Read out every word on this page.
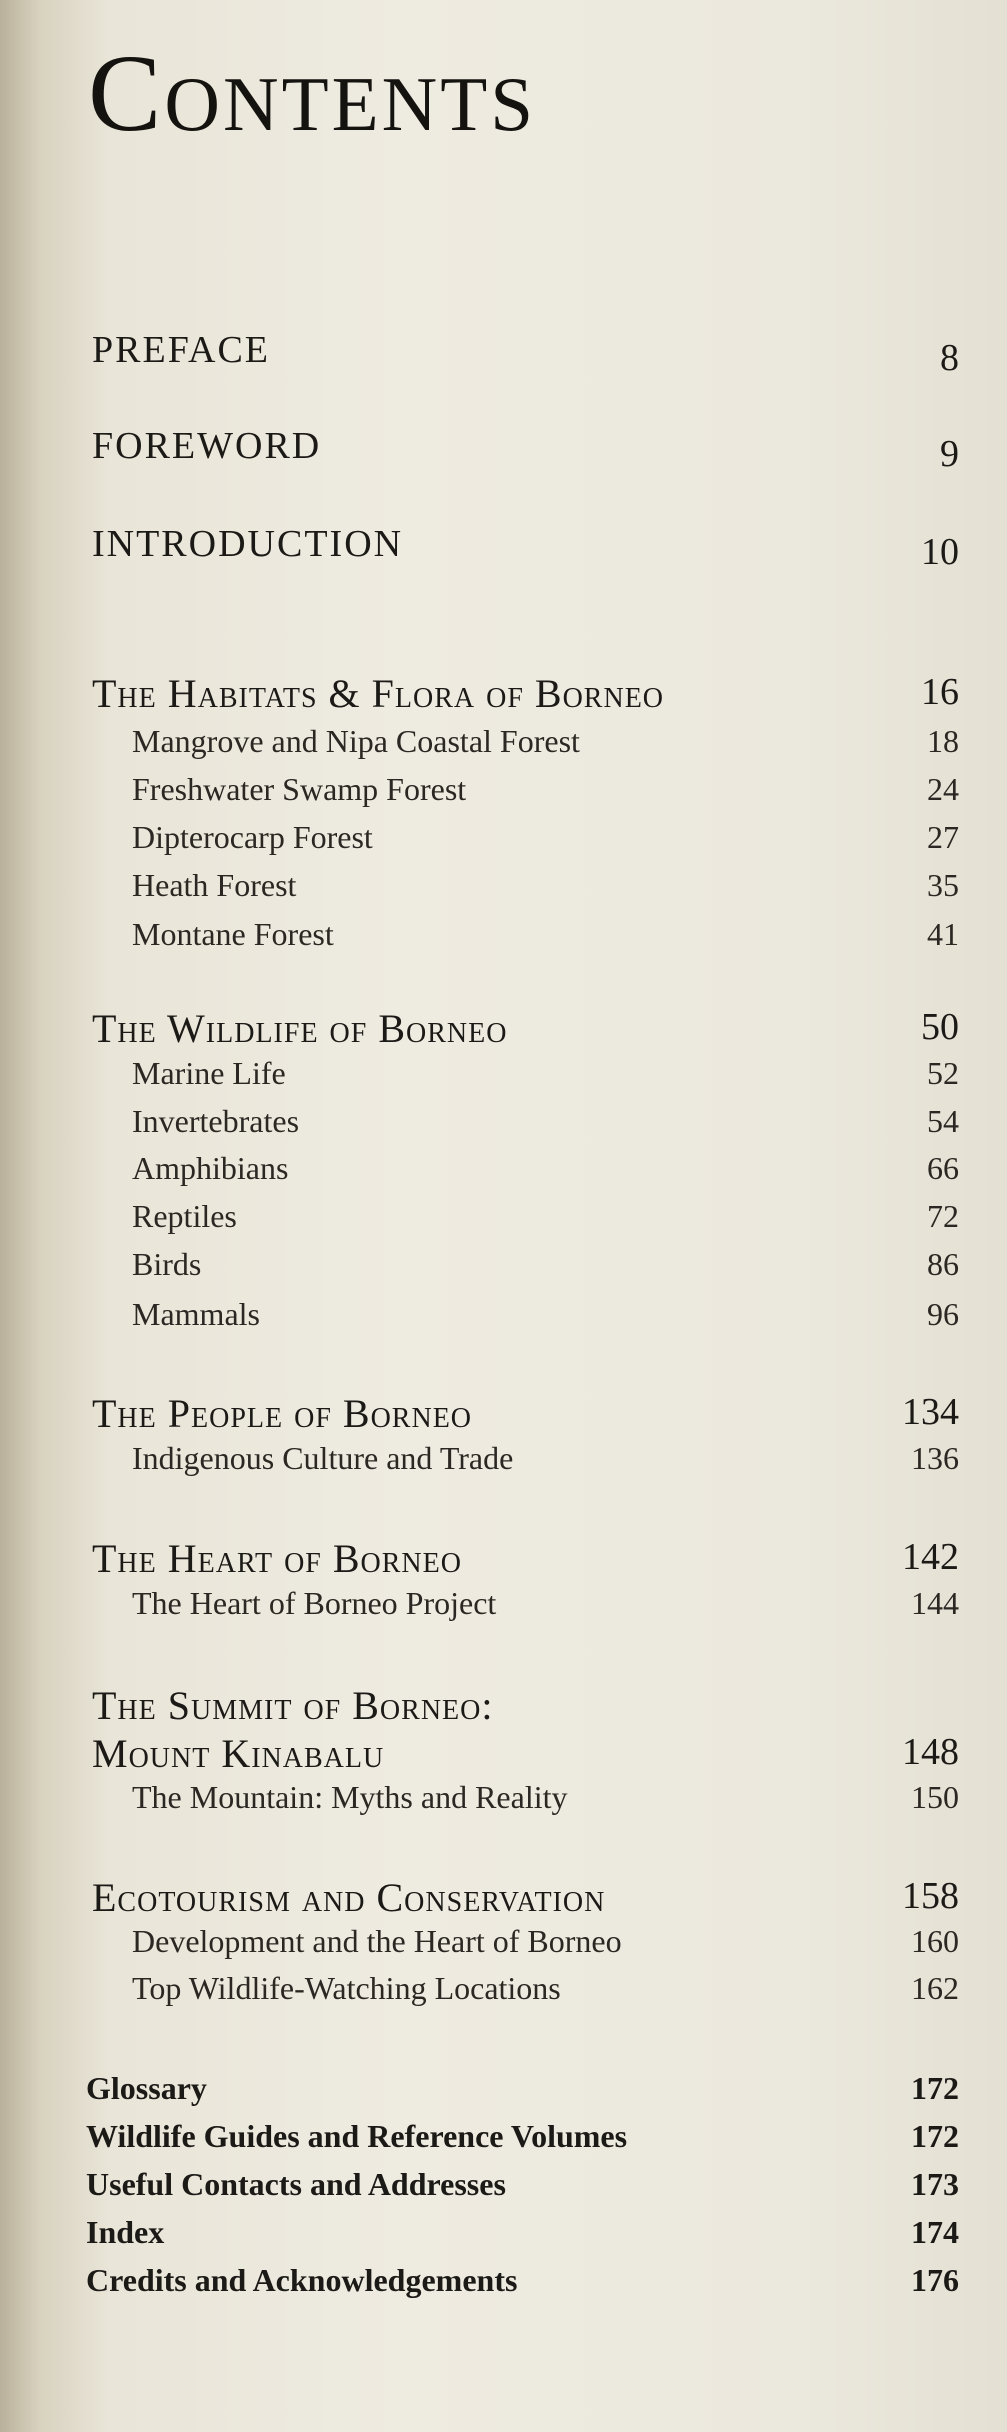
Contents
PREFACE	8
FOREWORD	9
INTRODUCTION	10
The Habitats & Flora of Borneo	16
Mangrove and Nipa Coastal Forest	18
Freshwater Swamp Forest	24
Dipterocarp Forest	27
Heath Forest	35
Montane Forest	41
The Wildlife of Borneo	50
Marine Life	52
Invertebrates	54
Amphibians	66
Reptiles	72
Birds	86
Mammals	96
The People of Borneo	134
Indigenous Culture and Trade	136
The Heart of Borneo	142
The Heart of Borneo Project	144
The Summit of Borneo:
Mount Kinabalu	148
The Mountain: Myths and Reality	150
Ecotourism and Conservation	158
Development and the Heart of Borneo	160
Top Wildlife-Watching Locations	162
Glossary	172
Wildlife Guides and Reference Volumes	172
Useful Contacts and Addresses	173
Index	174
Credits and Acknowledgements	176
